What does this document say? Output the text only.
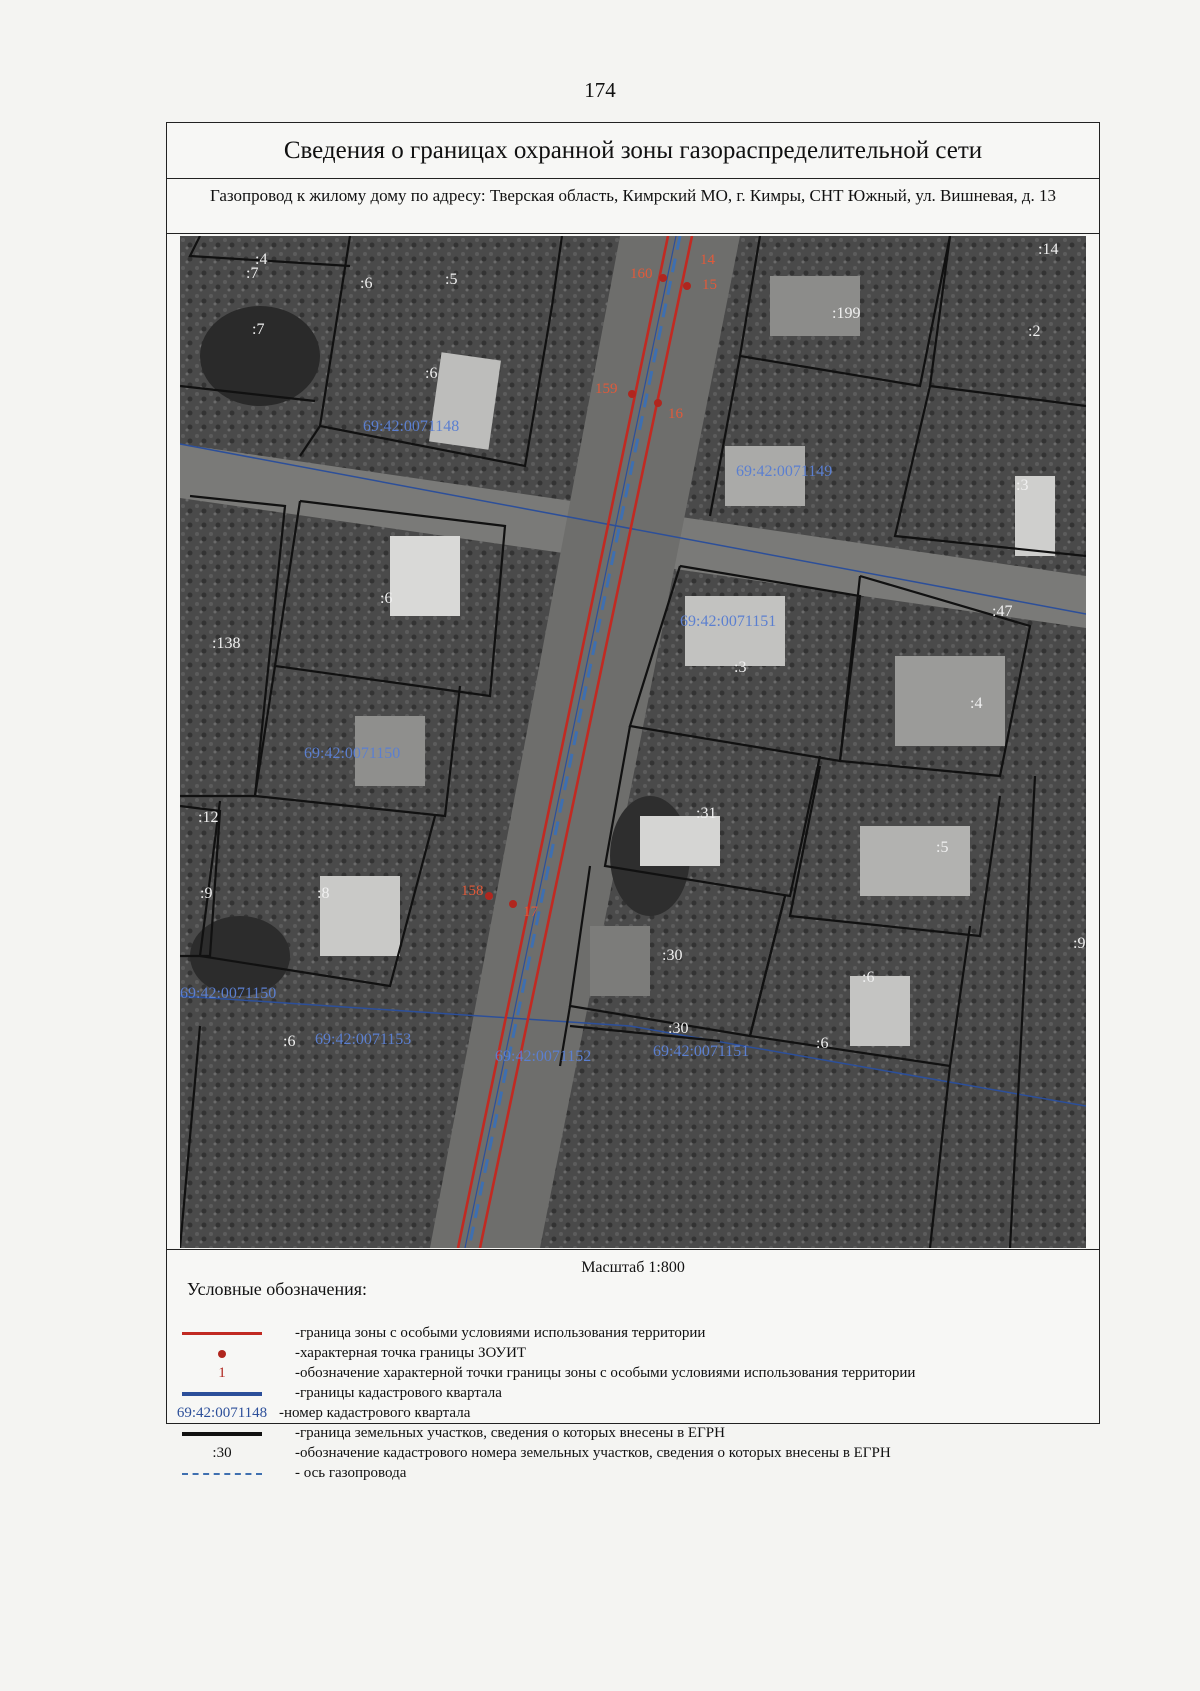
174
Сведения о границах охранной зоны газораспределительной сети
Газопровод к жилому дому по адресу: Тверская область, Кимрский МО, г. Кимры, СНТ Южный, ул. Вишневая, д. 13
160
14
15
159
16
158
17
69:42:0071148
69:42:0071149
69:42:0071150
69:42:0071151
69:42:0071150
69:42:0071153
69:42:0071152	69:42:0071151
:4
:7
:6	:5
:7
:6
:199
:14
:2
:3
:6
:138
:47
:3
:4
:31
:5
:12
:9	:8
:30
:6
:6
:30
:6
:9
Масштаб 1:800
Условные обозначения:
-граница зоны с особыми условиями использования территории
-характерная точка границы ЗОУИТ
1	-обозначение характерной точки границы зоны с особыми условиями использования территории
-границы кадастрового квартала
69:42:0071148 -номер кадастрового квартала
-граница земельных участков, сведения о которых внесены в ЕГРН
:30	-обозначение кадастрового номера земельных участков, сведения о которых внесены в ЕГРН
- ось газопровода
